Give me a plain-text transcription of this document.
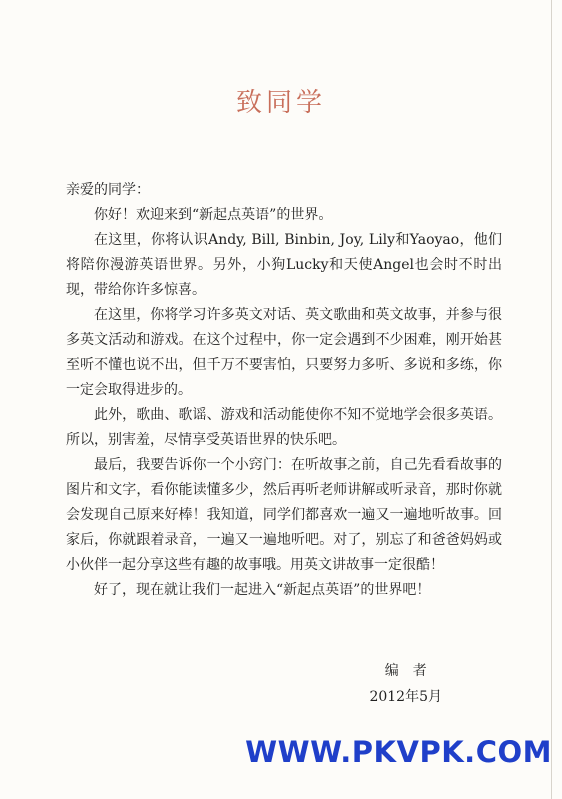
致同学

亲爱的同学：

你好！欢迎来到“新起点英语”的世界。

在这里，你将认识Andy, Bill, Binbin, Joy, Lily和Yaoyao，他们将陪你漫游英语世界。另外，小狗Lucky和天使Angel也会时不时出现，带给你许多惊喜。

在这里，你将学习许多英文对话、英文歌曲和英文故事，并参与很多英文活动和游戏。在这个过程中，你一定会遇到不少困难，刚开始甚至听不懂也说不出，但千万不要害怕，只要努力多听、多说和多练，你一定会取得进步的。

此外，歌曲、歌谣、游戏和活动能使你不知不觉地学会很多英语。所以，别害羞，尽情享受英语世界的快乐吧。

最后，我要告诉你一个小窍门：在听故事之前，自己先看看故事的图片和文字，看你能读懂多少，然后再听老师讲解或听录音，那时你就会发现自己原来好棒！我知道，同学们都喜欢一遍又一遍地听故事。回家后，你就跟着录音，一遍又一遍地听吧。对了，别忘了和爸爸妈妈或小伙伴一起分享这些有趣的故事哦。用英文讲故事一定很酷！

好了，现在就让我们一起进入“新起点英语”的世界吧！

编者
2012年5月
WWW.PKVPK.COM
